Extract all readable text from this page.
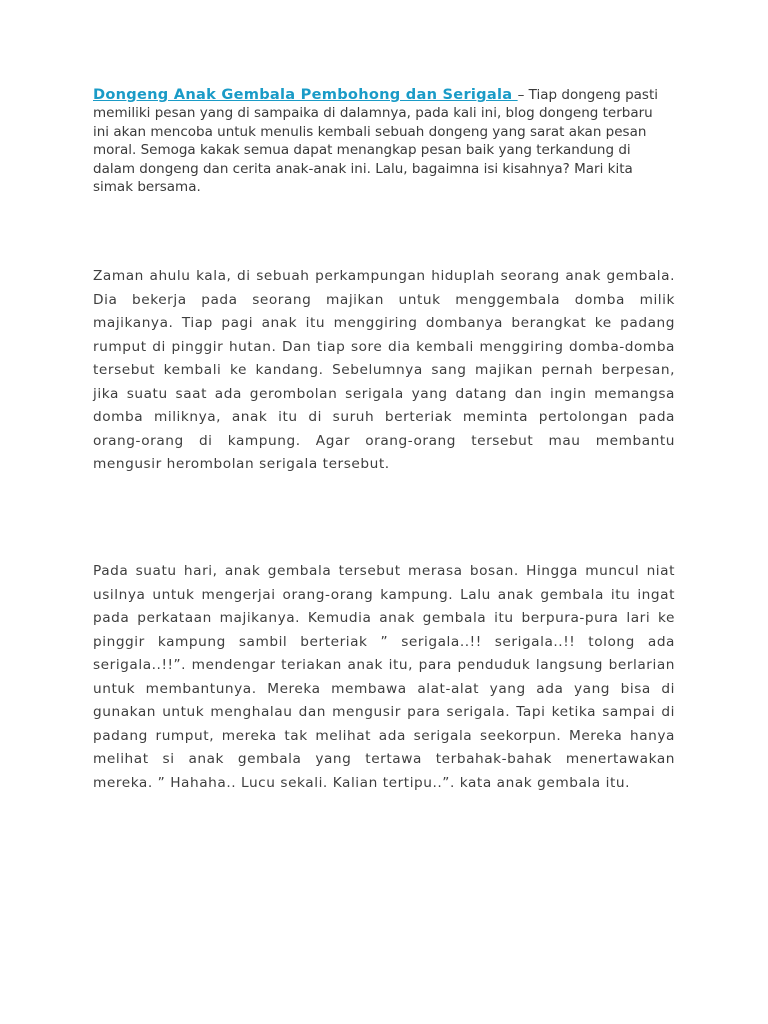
Dongeng Anak Gembala Pembohong dan Serigala – Tiap dongeng pasti memiliki pesan yang di sampaika di dalamnya, pada kali ini, blog dongeng terbaru ini akan mencoba untuk menulis kembali sebuah dongeng yang sarat akan pesan moral. Semoga kakak semua dapat menangkap pesan baik yang terkandung di dalam dongeng dan cerita anak-anak ini. Lalu, bagaimna isi kisahnya? Mari kita simak bersama.

Zaman ahulu kala, di sebuah perkampungan hiduplah seorang anak gembala. Dia bekerja pada seorang majikan untuk menggembala domba milik majikanya. Tiap pagi anak itu menggiring dombanya berangkat ke padang rumput di pinggir hutan. Dan tiap sore dia kembali menggiring domba-domba tersebut kembali ke kandang. Sebelumnya sang majikan pernah berpesan, jika suatu saat ada gerombolan serigala yang datang dan ingin memangsa domba miliknya, anak itu di suruh berteriak meminta pertolongan pada orang-orang di kampung. Agar orang-orang tersebut mau membantu mengusir herombolan serigala tersebut.

Pada suatu hari, anak gembala tersebut merasa bosan. Hingga muncul niat usilnya untuk mengerjai orang-orang kampung. Lalu anak gembala itu ingat pada perkataan majikanya. Kemudia anak gembala itu berpura-pura lari ke pinggir kampung sambil berteriak ” serigala..!! serigala..!! tolong ada serigala..!!”. mendengar teriakan anak itu, para penduduk langsung berlarian untuk membantunya. Mereka membawa alat-alat yang ada yang bisa di gunakan untuk menghalau dan mengusir para serigala. Tapi ketika sampai di padang rumput, mereka tak melihat ada serigala seekorpun. Mereka hanya melihat si anak gembala yang tertawa terbahak-bahak menertawakan mereka. ” Hahaha.. Lucu sekali. Kalian tertipu..”. kata anak gembala itu.
